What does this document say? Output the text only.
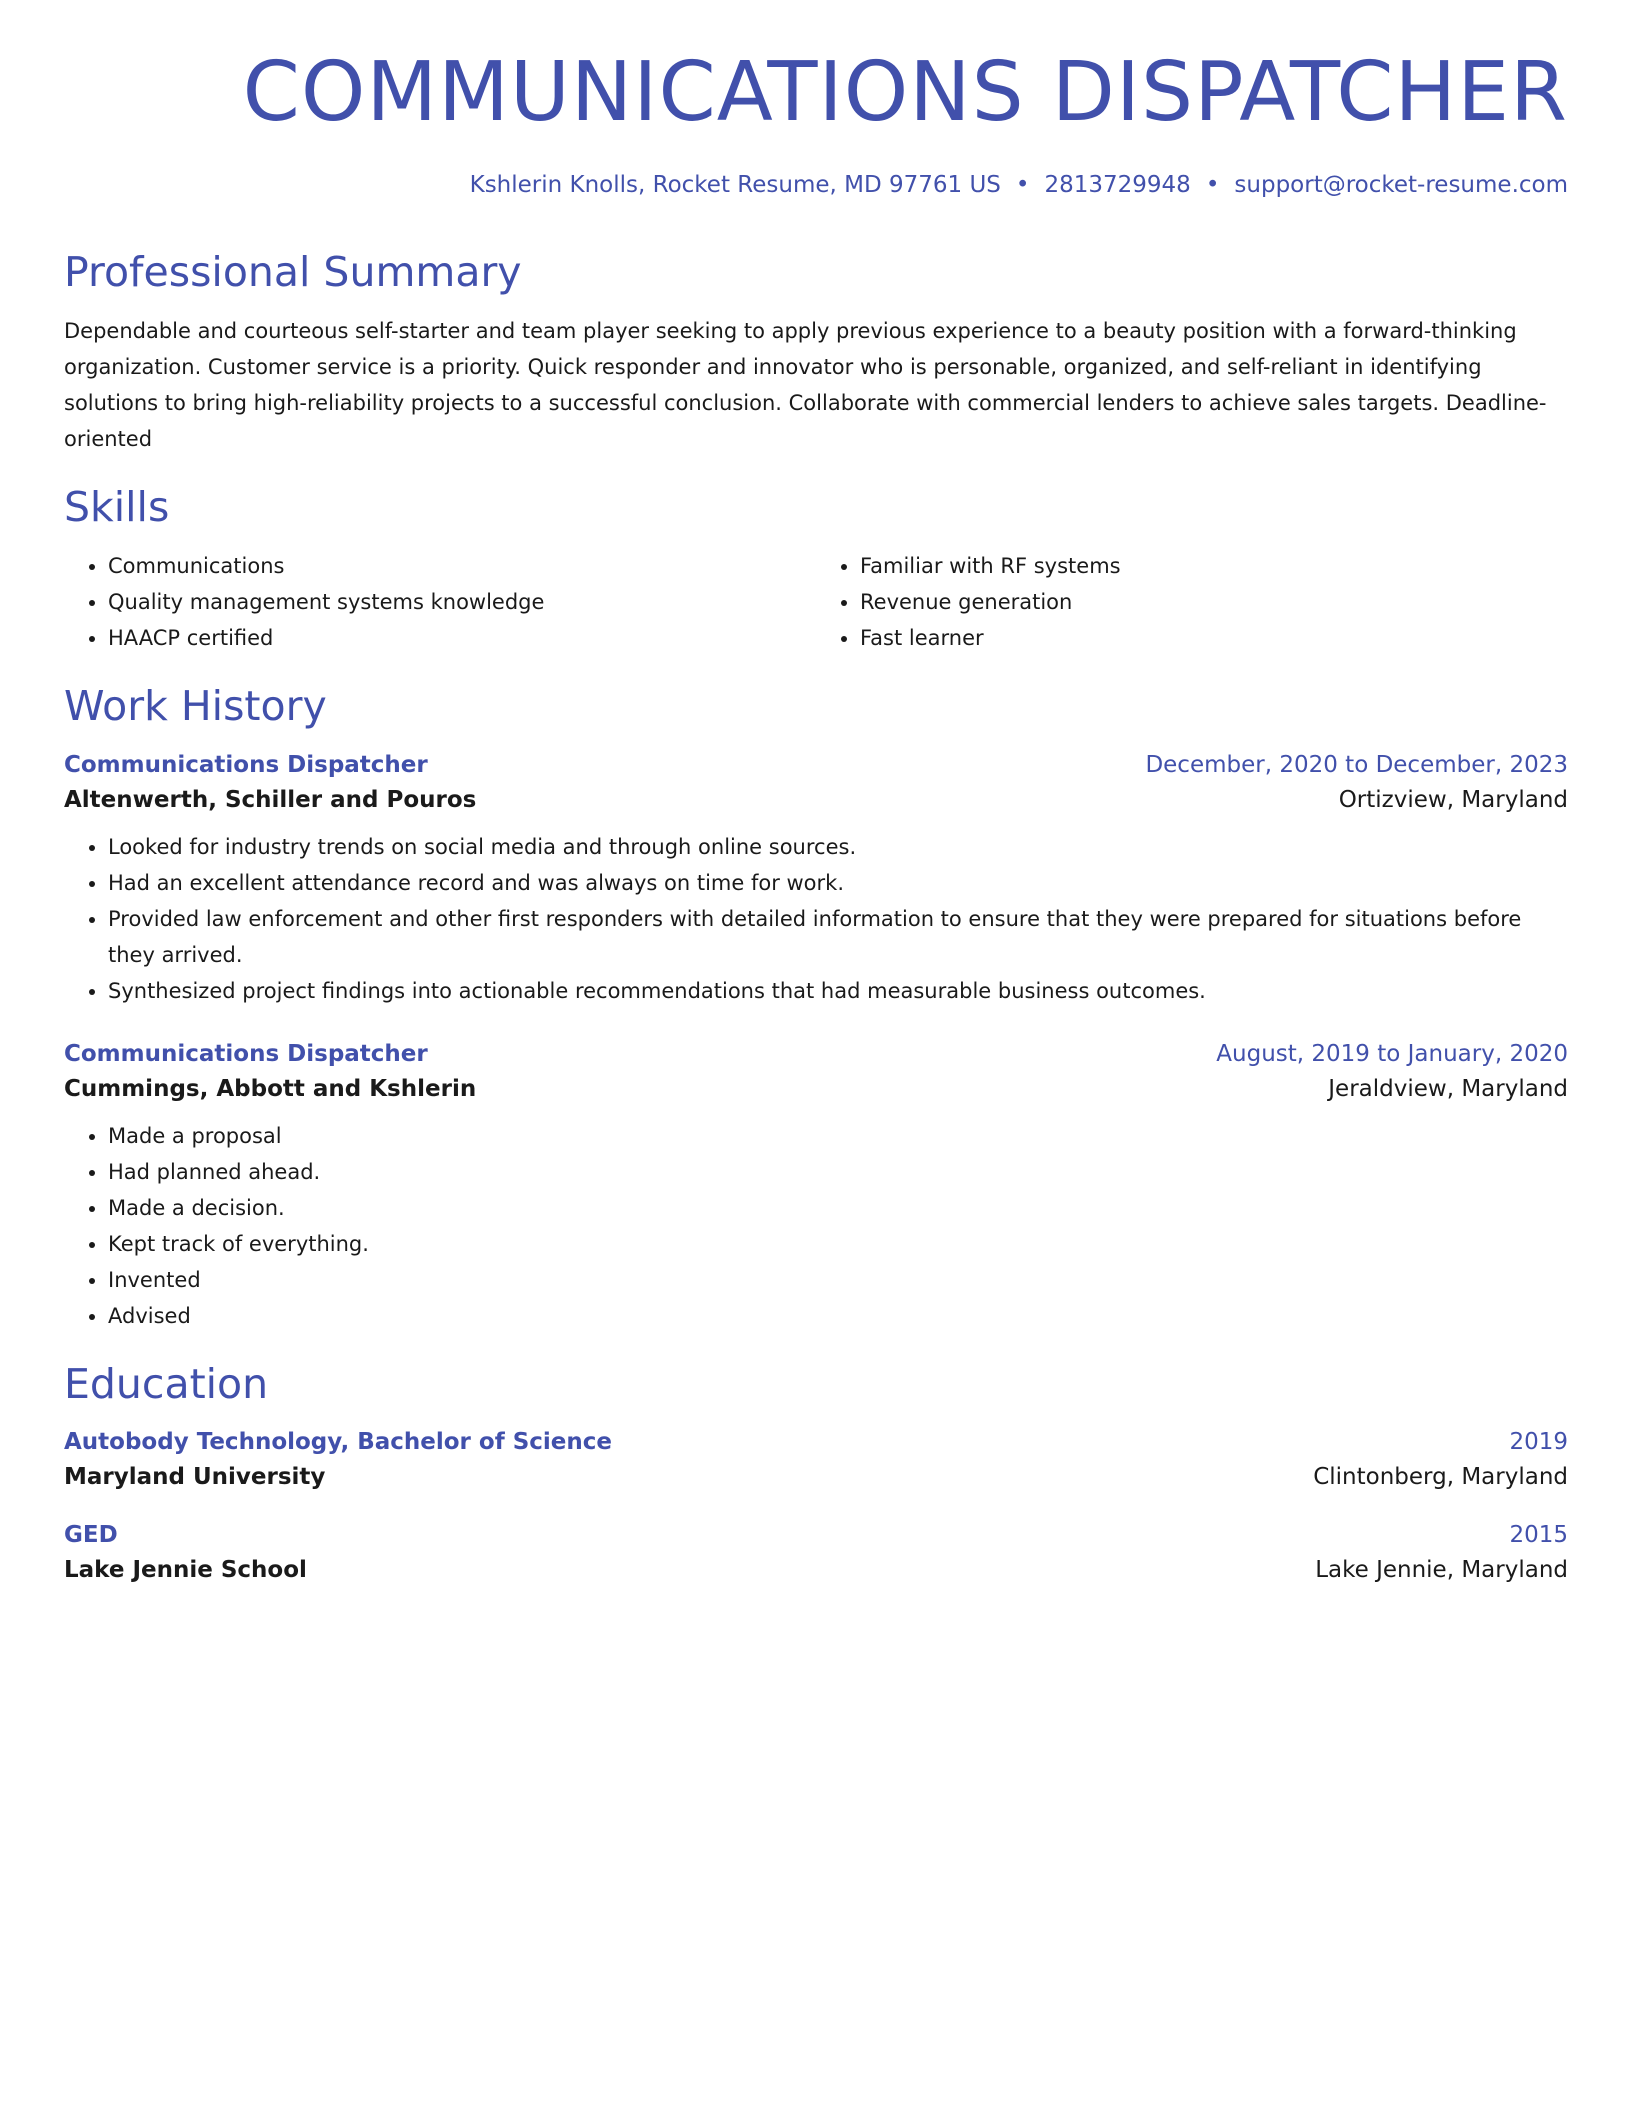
COMMUNICATIONS DISPATCHER
Kshlerin Knolls, Rocket Resume, MD 97761 US • 2813729948 • support@rocket-resume.com
Professional Summary

Dependable and courteous self-starter and team player seeking to apply previous experience to a beauty position with a forward-thinking organization. Customer service is a priority. Quick responder and innovator who is personable, organized, and self-reliant in identifying solutions to bring high-reliability projects to a successful conclusion. Collaborate with commercial lenders to achieve sales targets. Deadline-oriented

Skills
• Communications
• Quality management systems knowledge
• HAACP certified
• Familiar with RF systems
• Revenue generation
• Fast learner
Work History
Communications Dispatcher	December, 2020 to December, 2023
Altenwerth, Schiller and Pouros	Ortizview, Maryland
• Looked for industry trends on social media and through online sources.
• Had an excellent attendance record and was always on time for work.
• Provided law enforcement and other first responders with detailed information to ensure that they were prepared for situations before they arrived.
• Synthesized project findings into actionable recommendations that had measurable business outcomes.
Communications Dispatcher	August, 2019 to January, 2020
Cummings, Abbott and Kshlerin	Jeraldview, Maryland
• Made a proposal
• Had planned ahead.
• Made a decision.
• Kept track of everything.
• Invented
• Advised
Education
Autobody Technology, Bachelor of Science	2019
Maryland University	Clintonberg, Maryland
GED	2015
Lake Jennie School	Lake Jennie, Maryland
